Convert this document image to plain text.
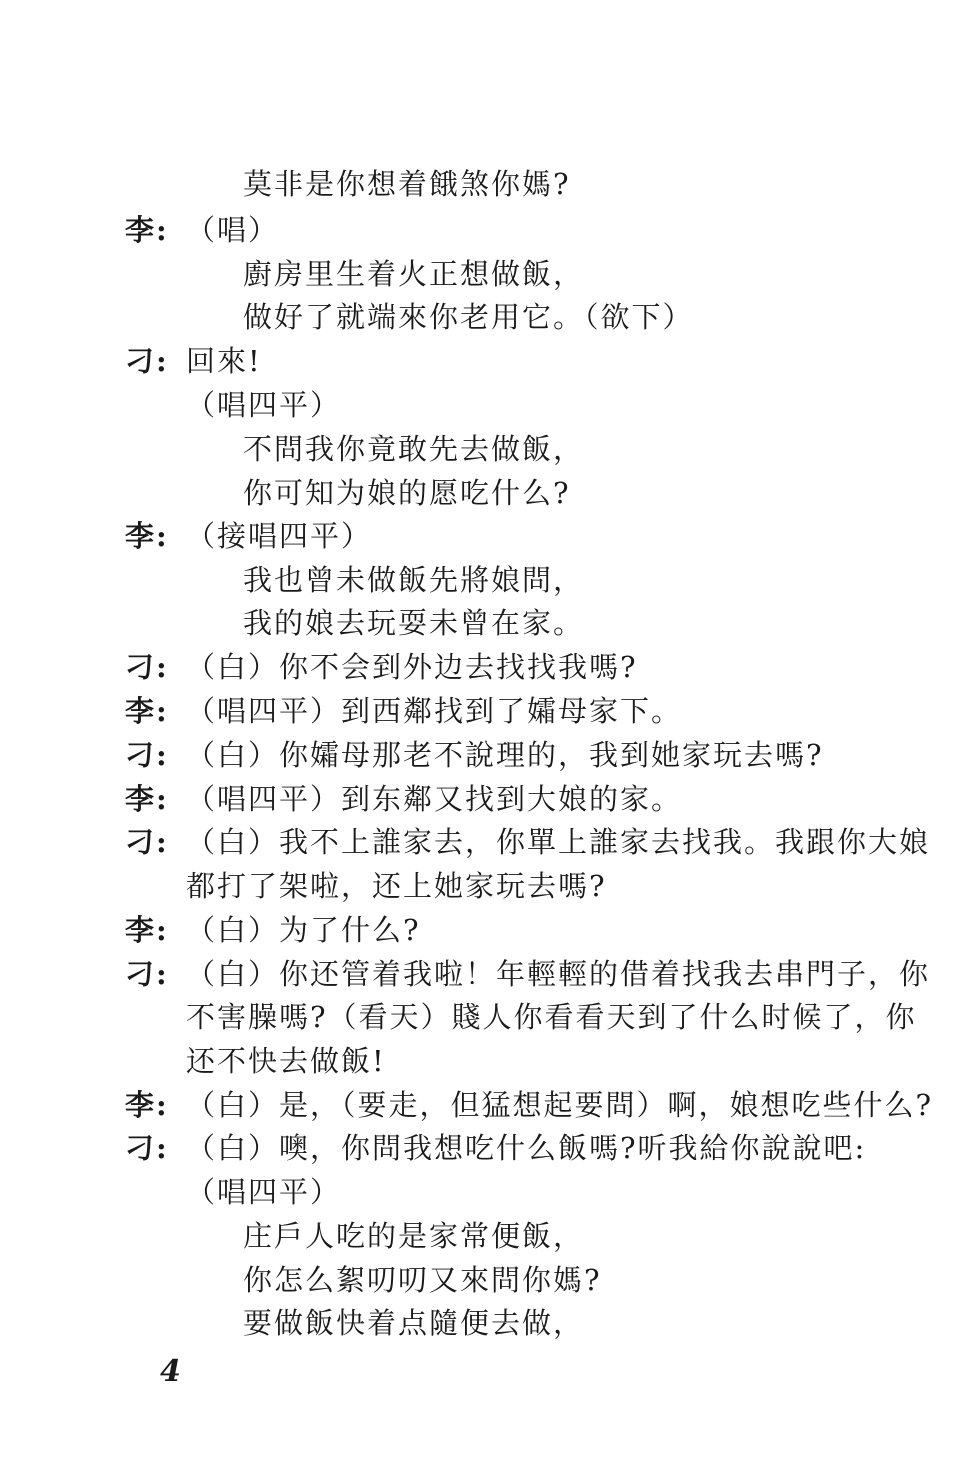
莫非是你想着餓煞你媽?
李: （唱）
廚房里生着火正想做飯，
做好了就端來你老用它。（欲下）
刁: 回來!
（唱四平）
不問我你竟敢先去做飯，
你可知为娘的愿吃什么?
李: （接唱四平）
我也曾未做飯先將娘問，
我的娘去玩耍未曾在家。
刁: （白）你不会到外边去找找我嗎?
李: （唱四平）到西鄰找到了孀母家下。
刁: （白）你孀母那老不說理的，我到她家玩去嗎?
李: （唱四平）到东鄰又找到大娘的家。
刁: （白）我不上誰家去，你單上誰家去找我。我跟你大娘
都打了架啦，还上她家玩去嗎?
李: （白）为了什么?
刁: （白）你还管着我啦！年輕輕的借着找我去串門子，你
不害臊嗎?（看天）賤人你看看天到了什么时候了，你
还不快去做飯!
李: （白）是，（要走，但猛想起要問）啊，娘想吃些什么?
刁: （白）噢，你問我想吃什么飯嗎?听我給你說說吧:
（唱四平）
庄戶人吃的是家常便飯，
你怎么絮叨叨又來問你媽?
要做飯快着点隨便去做，
4
